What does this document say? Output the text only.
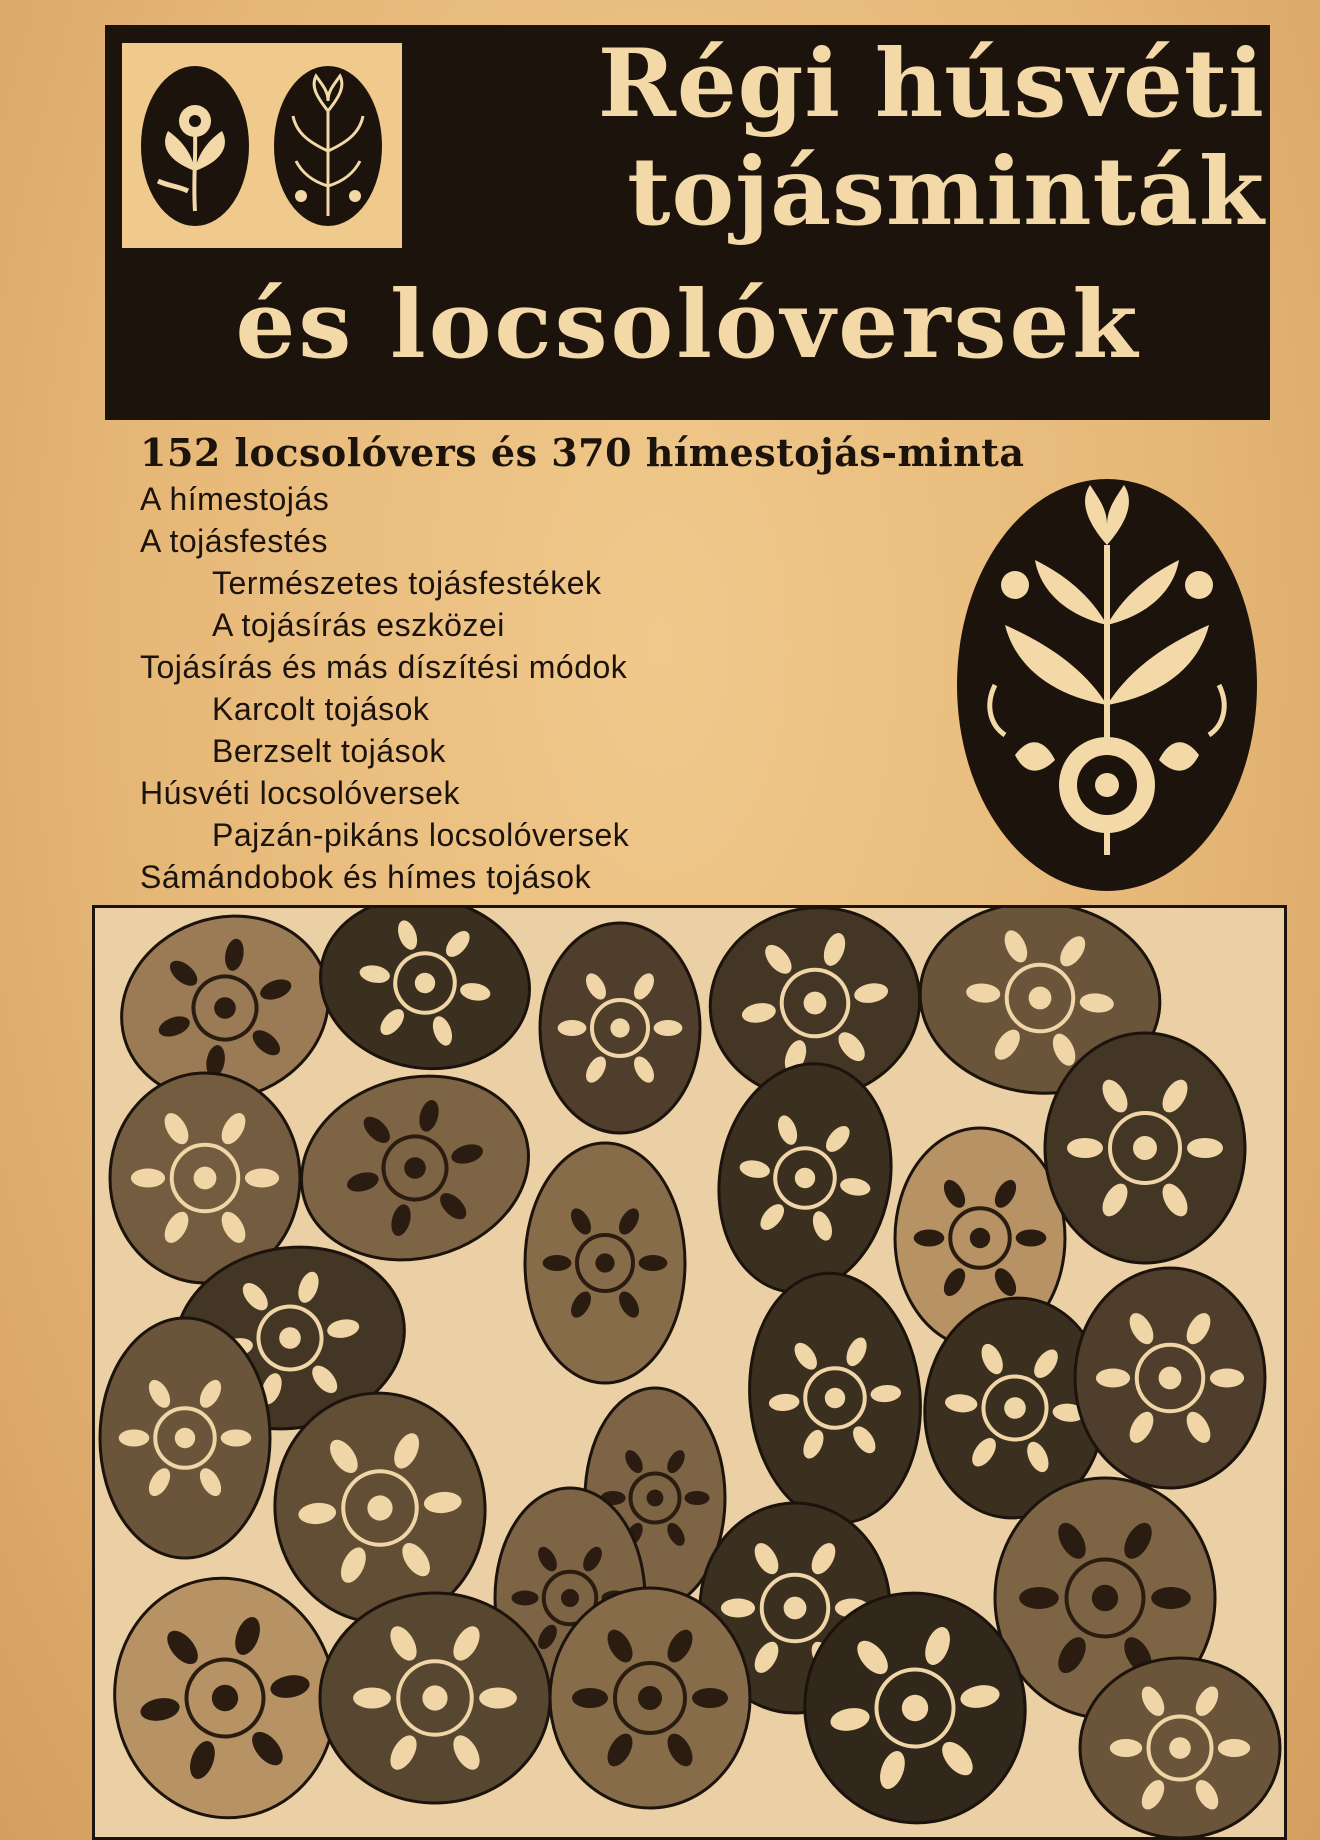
Régi húsvéti
tojásminták
és locsolóversek
152 locsolóvers és 370 hímestojás-minta
A hímestojás
A tojásfestés
Természetes tojásfestékek
A tojásírás eszközei
Tojásírás és más díszítési módok
Karcolt tojások
Berzselt tojások
Húsvéti locsolóversek
Pajzán-pikáns locsolóversek
Sámándobok és hímes tojások
